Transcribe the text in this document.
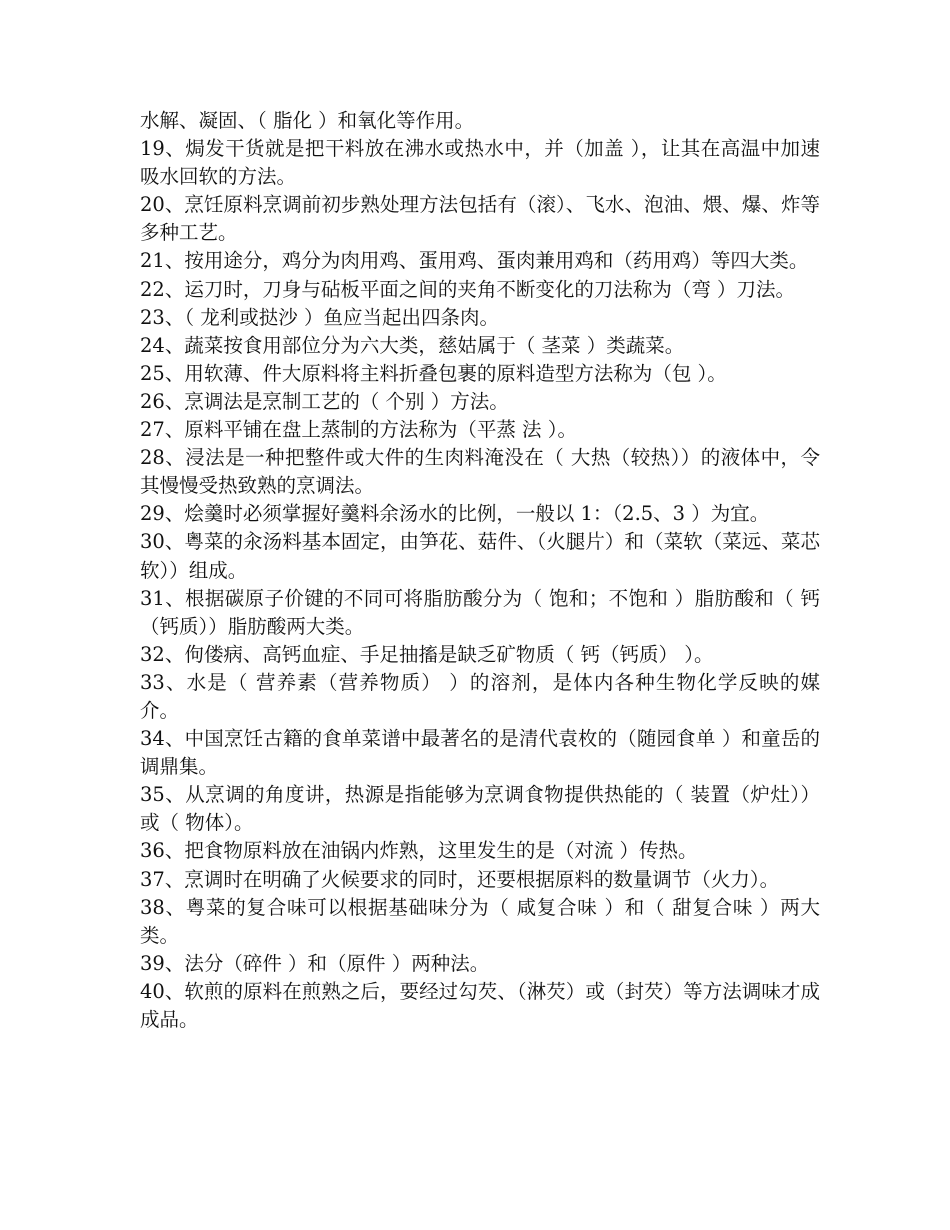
水解、凝固、（ 脂化 ）和氧化等作用。

19、焗发干货就是把干料放在沸水或热水中，并（加盖 ），让其在高温中加速吸水回软的方法。

20、烹饪原料烹调前初步熟处理方法包括有（滚）、飞水、泡油、煨、爆、炸等多种工艺。

21、按用途分，鸡分为肉用鸡、蛋用鸡、蛋肉兼用鸡和（药用鸡）等四大类。

22、运刀时，刀身与砧板平面之间的夹角不断变化的刀法称为（弯 ）刀法。

23、（ 龙利或挞沙 ）鱼应当起出四条肉。

24、蔬菜按食用部位分为六大类，慈姑属于（ 茎菜 ）类蔬菜。

25、用软薄、件大原料将主料折叠包裹的原料造型方法称为（包 ）。

26、烹调法是烹制工艺的（ 个别 ）方法。

27、原料平铺在盘上蒸制的方法称为（平蒸 法 ）。

28、浸法是一种把整件或大件的生肉料淹没在（ 大热（较热））的液体中，令其慢慢受热致熟的烹调法。

29、烩羹时必须掌握好羹料余汤水的比例，一般以 1：（2.5、3 ）为宜。

30、粤菜的汆汤料基本固定，由笋花、菇件、（火腿片）和（菜软（菜远、菜芯软））组成。

31、根据碳原子价键的不同可将脂肪酸分为（ 饱和；不饱和 ）脂肪酸和（ 钙（钙质））脂肪酸两大类。

32、佝偻病、高钙血症、手足抽搐是缺乏矿物质（ 钙（钙质） ）。

33、水是（ 营养素（营养物质） ）的溶剂，是体内各种生物化学反映的媒介。

34、中国烹饪古籍的食单菜谱中最著名的是清代袁枚的（随园食单 ）和童岳的调鼎集。

35、从烹调的角度讲，热源是指能够为烹调食物提供热能的（ 装置（炉灶））或（ 物体）。

36、把食物原料放在油锅内炸熟，这里发生的是（对流 ）传热。

37、烹调时在明确了火候要求的同时，还要根据原料的数量调节（火力）。

38、粤菜的复合味可以根据基础味分为（ 咸复合味 ）和（ 甜复合味 ）两大类。

39、法分（碎件 ）和（原件 ）两种法。

40、软煎的原料在煎熟之后，要经过勾芡、（淋芡）或（封芡）等方法调味才成成品。
